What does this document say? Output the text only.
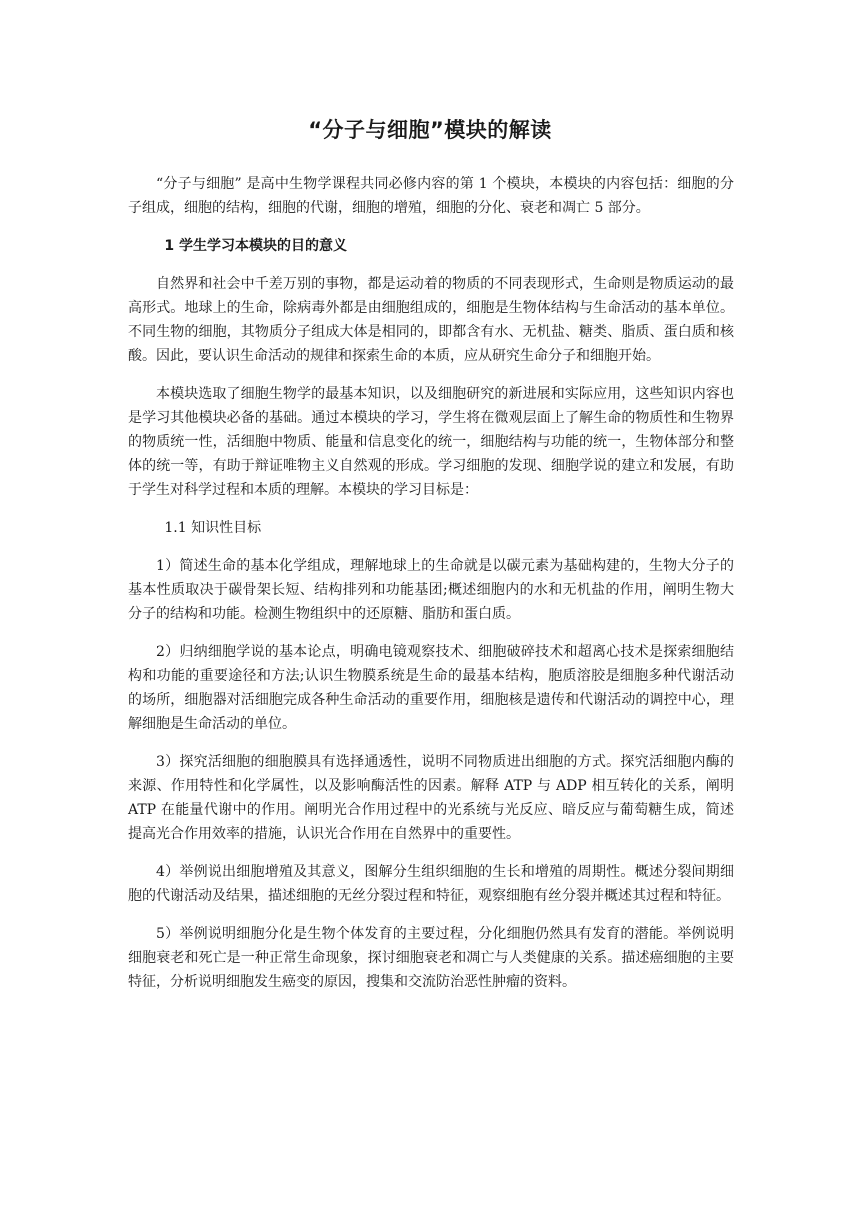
“分子与细胞”模块的解读

“分子与细胞” 是高中生物学课程共同必修内容的第 1 个模块，本模块的内容包括：细胞的分子组成，细胞的结构，细胞的代谢，细胞的增殖，细胞的分化、衰老和凋亡 5 部分。

1 学生学习本模块的目的意义

自然界和社会中千差万别的事物，都是运动着的物质的不同表现形式，生命则是物质运动的最高形式。地球上的生命，除病毒外都是由细胞组成的，细胞是生物体结构与生命活动的基本单位。不同生物的细胞，其物质分子组成大体是相同的，即都含有水、无机盐、糖类、脂质、蛋白质和核酸。因此，要认识生命活动的规律和探索生命的本质，应从研究生命分子和细胞开始。

本模块选取了细胞生物学的最基本知识，以及细胞研究的新进展和实际应用，这些知识内容也是学习其他模块必备的基础。通过本模块的学习，学生将在微观层面上了解生命的物质性和生物界的物质统一性，活细胞中物质、能量和信息变化的统一，细胞结构与功能的统一，生物体部分和整体的统一等，有助于辩证唯物主义自然观的形成。学习细胞的发现、细胞学说的建立和发展，有助于学生对科学过程和本质的理解。本模块的学习目标是：

1.1 知识性目标

1）简述生命的基本化学组成，理解地球上的生命就是以碳元素为基础构建的，生物大分子的基本性质取决于碳骨架长短、结构排列和功能基团;概述细胞内的水和无机盐的作用，阐明生物大分子的结构和功能。检测生物组织中的还原糖、脂肪和蛋白质。

2）归纳细胞学说的基本论点，明确电镜观察技术、细胞破碎技术和超离心技术是探索细胞结构和功能的重要途径和方法;认识生物膜系统是生命的最基本结构，胞质溶胶是细胞多种代谢活动的场所，细胞器对活细胞完成各种生命活动的重要作用，细胞核是遗传和代谢活动的调控中心，理解细胞是生命活动的单位。

3）探究活细胞的细胞膜具有选择通透性，说明不同物质进出细胞的方式。探究活细胞内酶的来源、作用特性和化学属性，以及影响酶活性的因素。解释 ATP 与 ADP 相互转化的关系，阐明 ATP 在能量代谢中的作用。阐明光合作用过程中的光系统与光反应、暗反应与葡萄糖生成，简述提高光合作用效率的措施，认识光合作用在自然界中的重要性。

4）举例说出细胞增殖及其意义，图解分生组织细胞的生长和增殖的周期性。概述分裂间期细胞的代谢活动及结果，描述细胞的无丝分裂过程和特征，观察细胞有丝分裂并概述其过程和特征。

5）举例说明细胞分化是生物个体发育的主要过程，分化细胞仍然具有发育的潜能。举例说明细胞衰老和死亡是一种正常生命现象，探讨细胞衰老和凋亡与人类健康的关系。描述癌细胞的主要特征，分析说明细胞发生癌变的原因，搜集和交流防治恶性肿瘤的资料。
